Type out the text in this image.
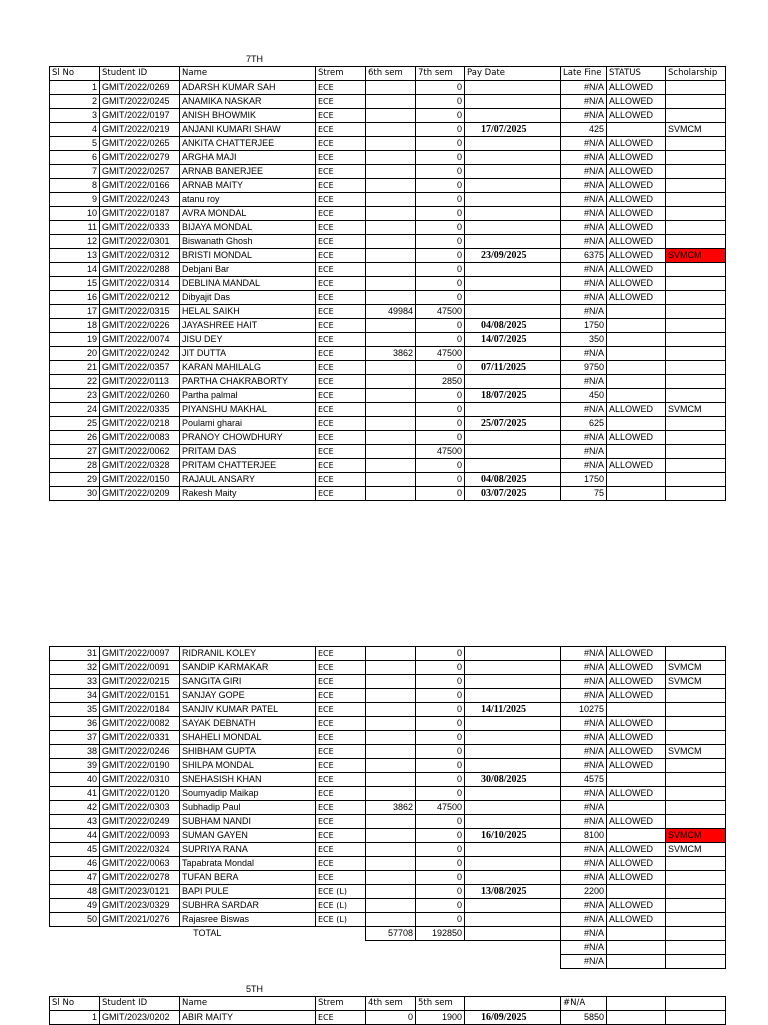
7TH
Sl No	Student ID	Name	Strem	6th sem	7th sem	Pay Date	Late Fine	STATUS	Scholarship
1	GMIT/2022/0269	ADARSH KUMAR SAH	ECE		0		#N/A	ALLOWED	
2	GMIT/2022/0245	ANAMIKA NASKAR	ECE		0		#N/A	ALLOWED	
3	GMIT/2022/0197	ANISH BHOWMIK	ECE		0		#N/A	ALLOWED	
4	GMIT/2022/0219	ANJANI KUMARI SHAW	ECE		0	17/07/2025	425		SVMCM
5	GMIT/2022/0265	ANKITA CHATTERJEE	ECE		0		#N/A	ALLOWED	
6	GMIT/2022/0279	ARGHA MAJI	ECE		0		#N/A	ALLOWED	
7	GMIT/2022/0257	ARNAB BANERJEE	ECE		0		#N/A	ALLOWED	
8	GMIT/2022/0166	ARNAB MAITY	ECE		0		#N/A	ALLOWED	
9	GMIT/2022/0243	atanu roy	ECE		0		#N/A	ALLOWED	
10	GMIT/2022/0187	AVRA MONDAL	ECE		0		#N/A	ALLOWED	
11	GMIT/2022/0333	BIJAYA MONDAL	ECE		0		#N/A	ALLOWED	
12	GMIT/2022/0301	Biswanath Ghosh	ECE		0		#N/A	ALLOWED	
13	GMIT/2022/0312	BRISTI MONDAL	ECE		0	23/09/2025	6375	ALLOWED	SVMCM
14	GMIT/2022/0288	Debjani Bar	ECE		0		#N/A	ALLOWED	
15	GMIT/2022/0314	DEBLINA MANDAL	ECE		0		#N/A	ALLOWED	
16	GMIT/2022/0212	Dibyajit Das	ECE		0		#N/A	ALLOWED	
17	GMIT/2022/0315	HELAL SAIKH	ECE	49984	47500		#N/A		
18	GMIT/2022/0226	JAYASHREE HAIT	ECE		0	04/08/2025	1750		
19	GMIT/2022/0074	JISU DEY	ECE		0	14/07/2025	350		
20	GMIT/2022/0242	JIT DUTTA	ECE	3862	47500		#N/A		
21	GMIT/2022/0357	KARAN MAHILALG	ECE		0	07/11/2025	9750		
22	GMIT/2022/0113	PARTHA CHAKRABORTY	ECE		2850		#N/A		
23	GMIT/2022/0260	Partha palmal	ECE		0	18/07/2025	450		
24	GMIT/2022/0335	PIYANSHU MAKHAL	ECE		0		#N/A	ALLOWED	SVMCM
25	GMIT/2022/0218	Poulami gharai	ECE		0	25/07/2025	625		
26	GMIT/2022/0083	PRANOY CHOWDHURY	ECE		0		#N/A	ALLOWED	
27	GMIT/2022/0062	PRITAM DAS	ECE		47500		#N/A		
28	GMIT/2022/0328	PRITAM CHATTERJEE	ECE		0		#N/A	ALLOWED	
29	GMIT/2022/0150	RAJAUL ANSARY	ECE		0	04/08/2025	1750		
30	GMIT/2022/0209	Rakesh Maity	ECE		0	03/07/2025	75		
31	GMIT/2022/0097	RIDRANIL KOLEY	ECE		0		#N/A	ALLOWED	
32	GMIT/2022/0091	SANDIP KARMAKAR	ECE		0		#N/A	ALLOWED	SVMCM
33	GMIT/2022/0215	SANGITA GIRI	ECE		0		#N/A	ALLOWED	SVMCM
34	GMIT/2022/0151	SANJAY GOPE	ECE		0		#N/A	ALLOWED	
35	GMIT/2022/0184	SANJIV KUMAR PATEL	ECE		0	14/11/2025	10275		
36	GMIT/2022/0082	SAYAK DEBNATH	ECE		0		#N/A	ALLOWED	
37	GMIT/2022/0331	SHAHELI MONDAL	ECE		0		#N/A	ALLOWED	
38	GMIT/2022/0246	SHIBHAM GUPTA	ECE		0		#N/A	ALLOWED	SVMCM
39	GMIT/2022/0190	SHILPA MONDAL	ECE		0		#N/A	ALLOWED	
40	GMIT/2022/0310	SNEHASISH KHAN	ECE		0	30/08/2025	4575		
41	GMIT/2022/0120	Soumyadip Maikap	ECE		0		#N/A	ALLOWED	
42	GMIT/2022/0303	Subhadip Paul	ECE	3862	47500		#N/A		
43	GMIT/2022/0249	SUBHAM NANDI	ECE		0		#N/A	ALLOWED	
44	GMIT/2022/0093	SUMAN GAYEN	ECE		0	16/10/2025	8100		SVMCM
45	GMIT/2022/0324	SUPRIYA RANA	ECE		0		#N/A	ALLOWED	SVMCM
46	GMIT/2022/0063	Tapabrata Mondal	ECE		0		#N/A	ALLOWED	
47	GMIT/2022/0278	TUFAN BERA	ECE		0		#N/A	ALLOWED	
48	GMIT/2023/0121	BAPI PULE	ECE (L)		0	13/08/2025	2200		
49	GMIT/2023/0329	SUBHRA SARDAR	ECE (L)		0		#N/A	ALLOWED	
50	GMIT/2021/0276	Rajasree Biswas	ECE (L)		0		#N/A	ALLOWED	
TOTAL				57708	192850		#N/A		
							#N/A		
							#N/A		
5TH
Sl No	Student ID	Name	Strem	4th sem	5th sem		#N/A		
1	GMIT/2023/0202	ABIR MAITY	ECE	0	1900	16/09/2025	5850		
